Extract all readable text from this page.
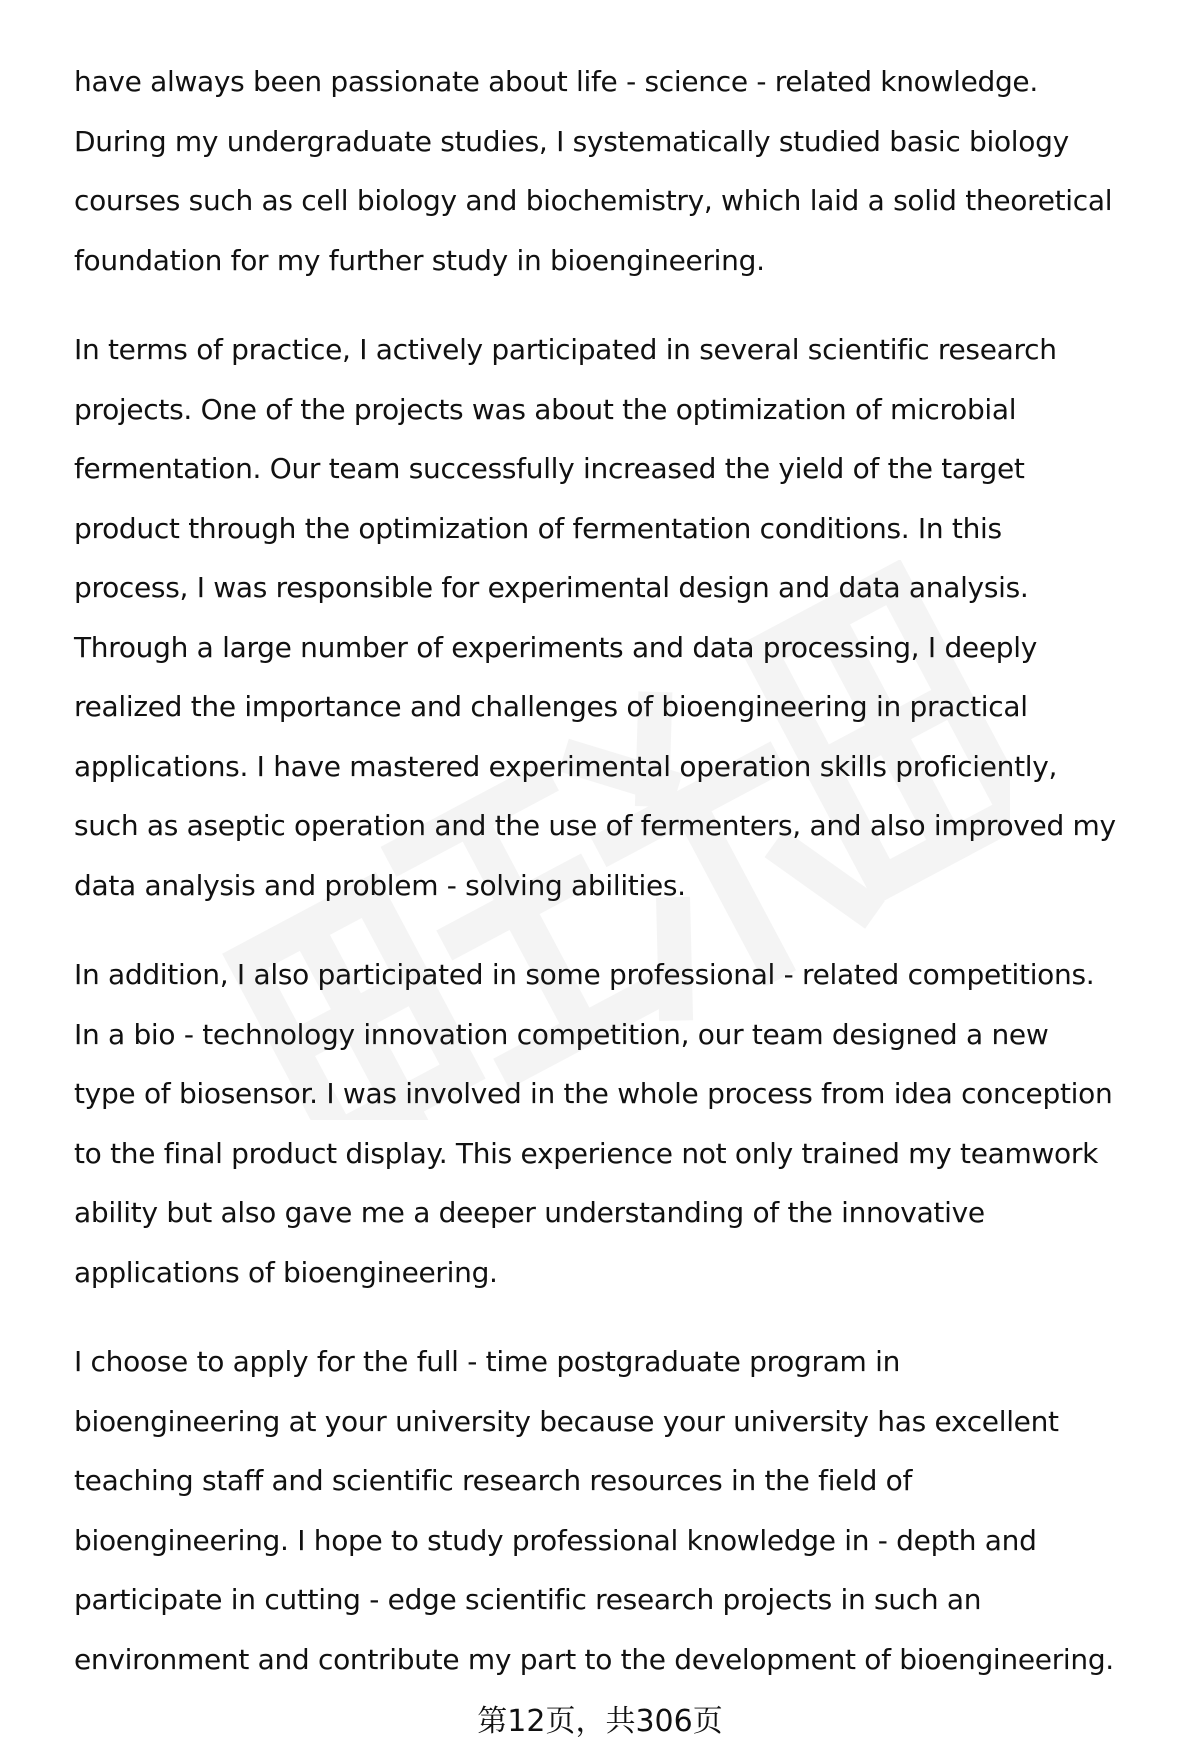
have always been passionate about life - science - related knowledge.
During my undergraduate studies, I systematically studied basic biology
courses such as cell biology and biochemistry, which laid a solid theoretical
foundation for my further study in bioengineering.
In terms of practice, I actively participated in several scientific research
projects. One of the projects was about the optimization of microbial
fermentation. Our team successfully increased the yield of the target
product through the optimization of fermentation conditions. In this
process, I was responsible for experimental design and data analysis.
Through a large number of experiments and data processing, I deeply
realized the importance and challenges of bioengineering in practical
applications. I have mastered experimental operation skills proficiently,
such as aseptic operation and the use of fermenters, and also improved my
data analysis and problem - solving abilities.
In addition, I also participated in some professional - related competitions.
In a bio - technology innovation competition, our team designed a new
type of biosensor. I was involved in the whole process from idea conception
to the final product display. This experience not only trained my teamwork
ability but also gave me a deeper understanding of the innovative
applications of bioengineering.
I choose to apply for the full - time postgraduate program in
bioengineering at your university because your university has excellent
teaching staff and scientific research resources in the field of
bioengineering. I hope to study professional knowledge in - depth and
participate in cutting - edge scientific research projects in such an
environment and contribute my part to the development of bioengineering.
第12页，共306页
